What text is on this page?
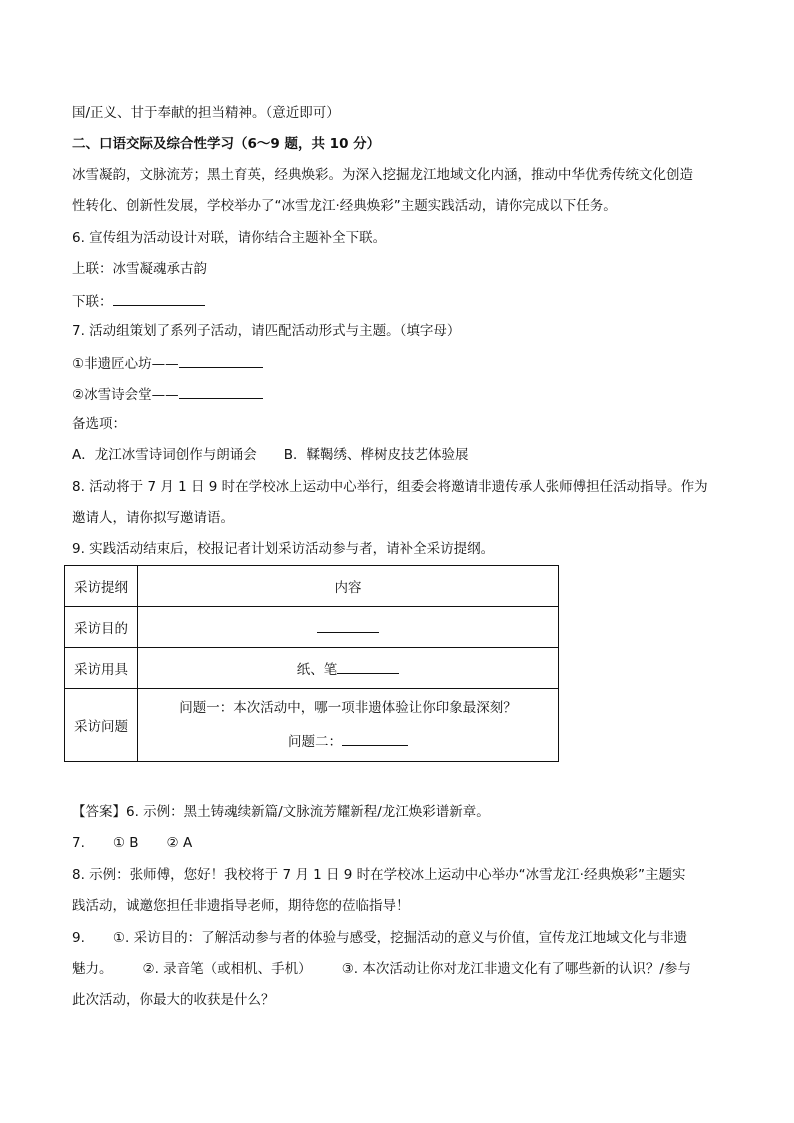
国/正义、甘于奉献的担当精神。（意近即可）
二、口语交际及综合性学习（6～9 题，共 10 分）
冰雪凝韵，文脉流芳；黑土育英，经典焕彩。为深入挖掘龙江地域文化内涵，推动中华优秀传统文化创造
性转化、创新性发展，学校举办了“冰雪龙江·经典焕彩”主题实践活动，请你完成以下任务。
6. 宣传组为活动设计对联，请你结合主题补全下联。
上联：冰雪凝魂承古韵
下联：
7. 活动组策划了系列子活动，请匹配活动形式与主题。（填字母）
①非遗匠心坊——
②冰雪诗会堂——
备选项：
A．龙江冰雪诗词创作与朗诵会　　B．鞣鞨绣、桦树皮技艺体验展
8. 活动将于 7 月 1 日 9 时在学校冰上运动中心举行，组委会将邀请非遗传承人张师傅担任活动指导。作为
邀请人，请你拟写邀请语。
9. 实践活动结束后，校报记者计划采访活动参与者，请补全采访提纲。
采访提纲	内容
采访目的	
采访用具	纸、笔
采访问题	问题一：本次活动中，哪一项非遗体验让你印象最深刻？
问题二：
【答案】6. 示例：黑土铸魂续新篇/文脉流芳耀新程/龙江焕彩谱新章。
7. ① B ② A
8. 示例：张师傅，您好！我校将于 7 月 1 日 9 时在学校冰上运动中心举办“冰雪龙江·经典焕彩”主题实
践活动，诚邀您担任非遗指导老师，期待您的莅临指导！
9. ①. 采访目的：了解活动参与者的体验与感受，挖掘活动的意义与价值，宣传龙江地域文化与非遗
魅力。 ②. 录音笔（或相机、手机） ③. 本次活动让你对龙江非遗文化有了哪些新的认识？/参与
此次活动，你最大的收获是什么？
